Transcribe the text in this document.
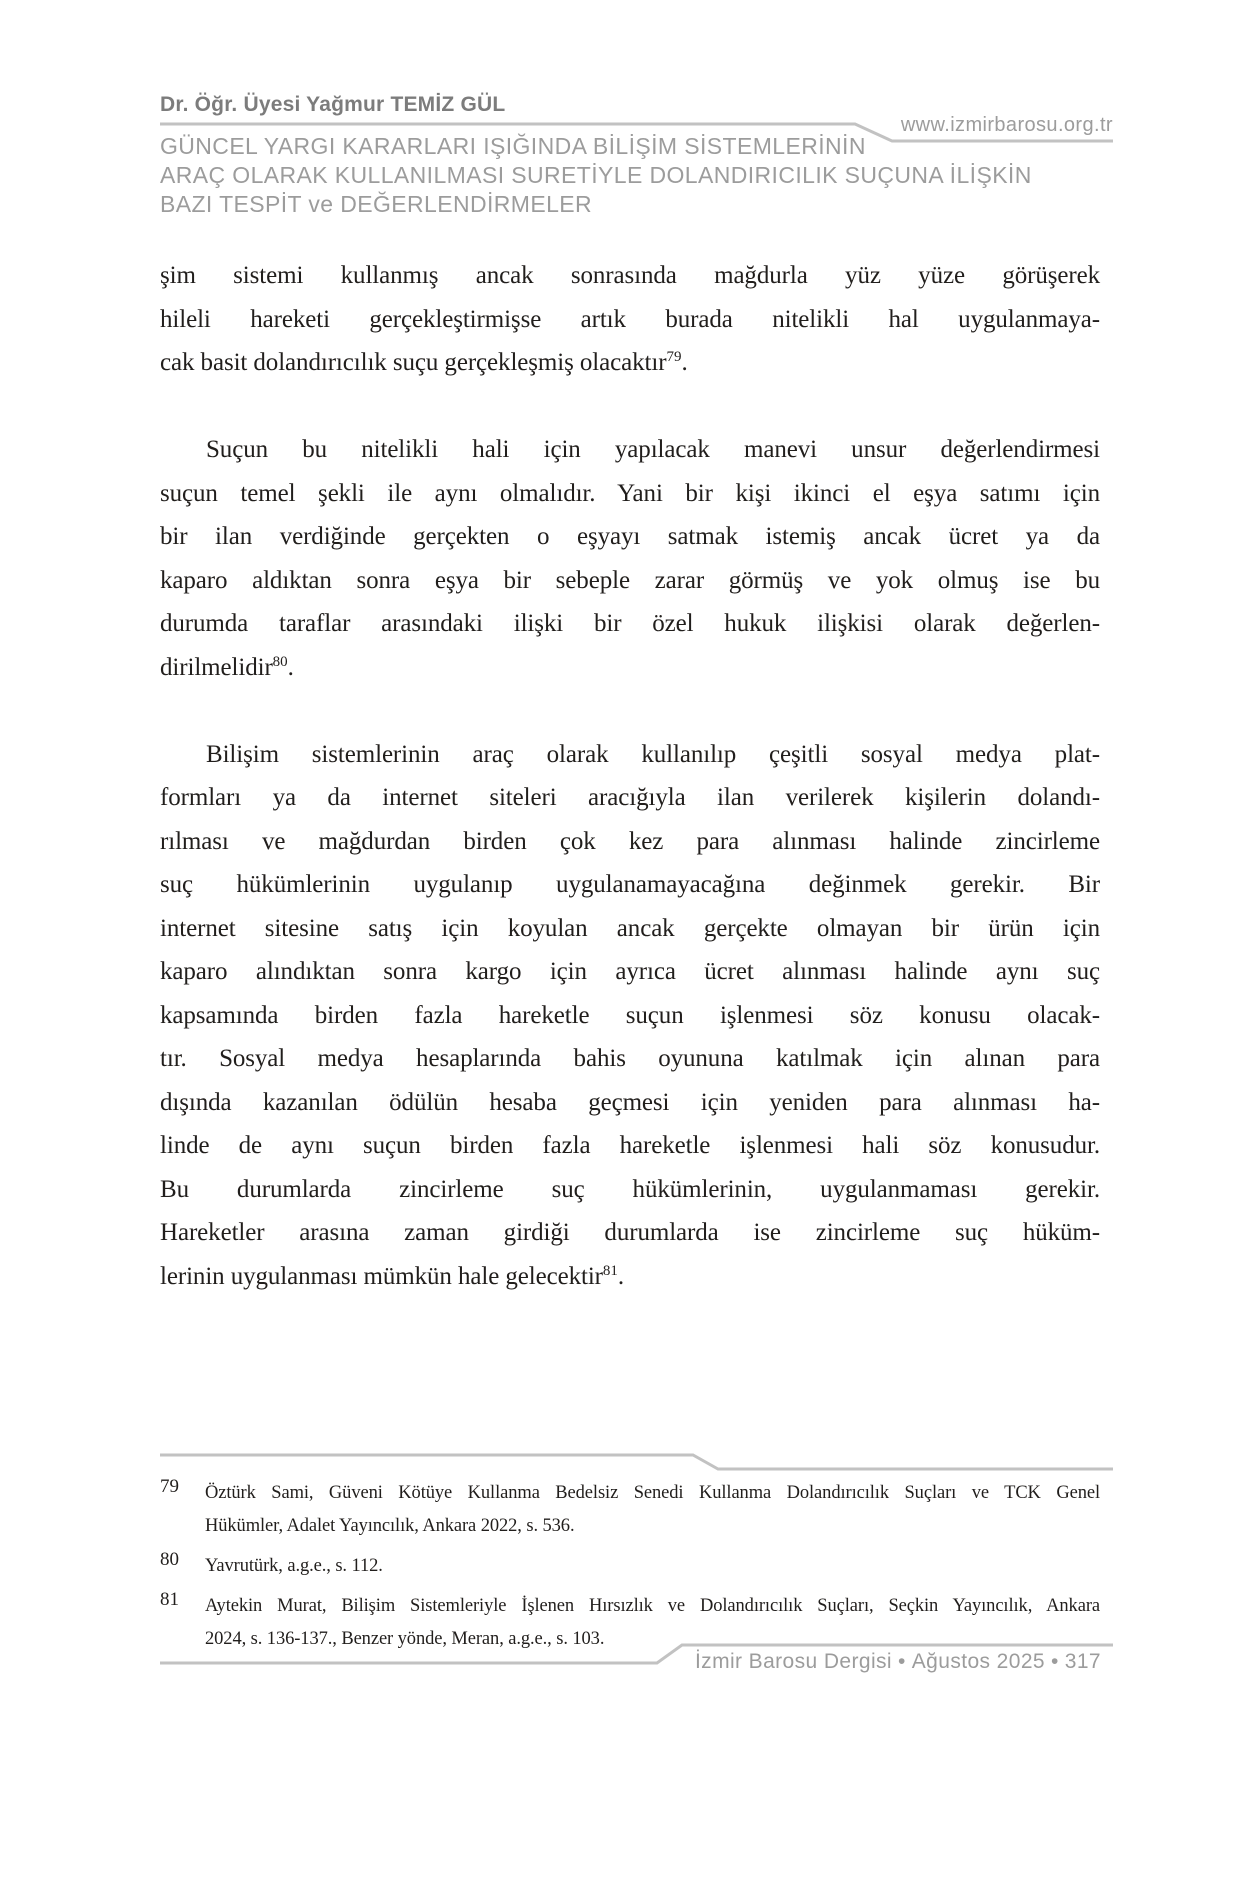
Dr. Öğr. Üyesi Yağmur TEMİZ GÜL
www.izmirbarosu.org.tr
GÜNCEL YARGI KARARLARI IŞIĞINDA BİLİŞİM SİSTEMLERİNİN
ARAÇ OLARAK KULLANILMASI SURETİYLE DOLANDIRICILIK SUÇUNA İLİŞKİN
BAZI TESPİT ve DEĞERLENDİRMELER
şim sistemi kullanmış ancak sonrasında mağdurla yüz yüze görüşerek
hileli hareketi gerçekleştirmişse artık burada nitelikli hal uygulanmaya-
cak basit dolandırıcılık suçu gerçekleşmiş olacaktır$^{79}$.
Suçun bu nitelikli hali için yapılacak manevi unsur değerlendirmesi
suçun temel şekli ile aynı olmalıdır. Yani bir kişi ikinci el eşya satımı için
bir ilan verdiğinde gerçekten o eşyayı satmak istemiş ancak ücret ya da
kaparo aldıktan sonra eşya bir sebeple zarar görmüş ve yok olmuş ise bu
durumda taraflar arasındaki ilişki bir özel hukuk ilişkisi olarak değerlen-
dirilmelidir$^{80}$.
Bilişim sistemlerinin araç olarak kullanılıp çeşitli sosyal medya plat-
formları ya da internet siteleri aracığıyla ilan verilerek kişilerin dolandı-
rılması ve mağdurdan birden çok kez para alınması halinde zincirleme
suç hükümlerinin uygulanıp uygulanamayacağına değinmek gerekir. Bir
internet sitesine satış için koyulan ancak gerçekte olmayan bir ürün için
kaparo alındıktan sonra kargo için ayrıca ücret alınması halinde aynı suç
kapsamında birden fazla hareketle suçun işlenmesi söz konusu olacak-
tır. Sosyal medya hesaplarında bahis oyununa katılmak için alınan para
dışında kazanılan ödülün hesaba geçmesi için yeniden para alınması ha-
linde de aynı suçun birden fazla hareketle işlenmesi hali söz konusudur.
Bu durumlarda zincirleme suç hükümlerinin, uygulanmaması gerekir.
Hareketler arasına zaman girdiği durumlarda ise zincirleme suç hüküm-
lerinin uygulanması mümkün hale gelecektir$^{81}$.
79 Öztürk Sami, Güveni Kötüye Kullanma Bedelsiz Senedi Kullanma Dolandırıcılık Suçları ve TCK Genel
Hükümler, Adalet Yayıncılık, Ankara 2022, s. 536.
80 Yavrutürk, a.g.e., s. 112.
81 Aytekin Murat, Bilişim Sistemleriyle İşlenen Hırsızlık ve Dolandırıcılık Suçları, Seçkin Yayıncılık, Ankara
2024, s. 136-137., Benzer yönde, Meran, a.g.e., s. 103.
İzmir Barosu Dergisi • Ağustos 2025 • 317
